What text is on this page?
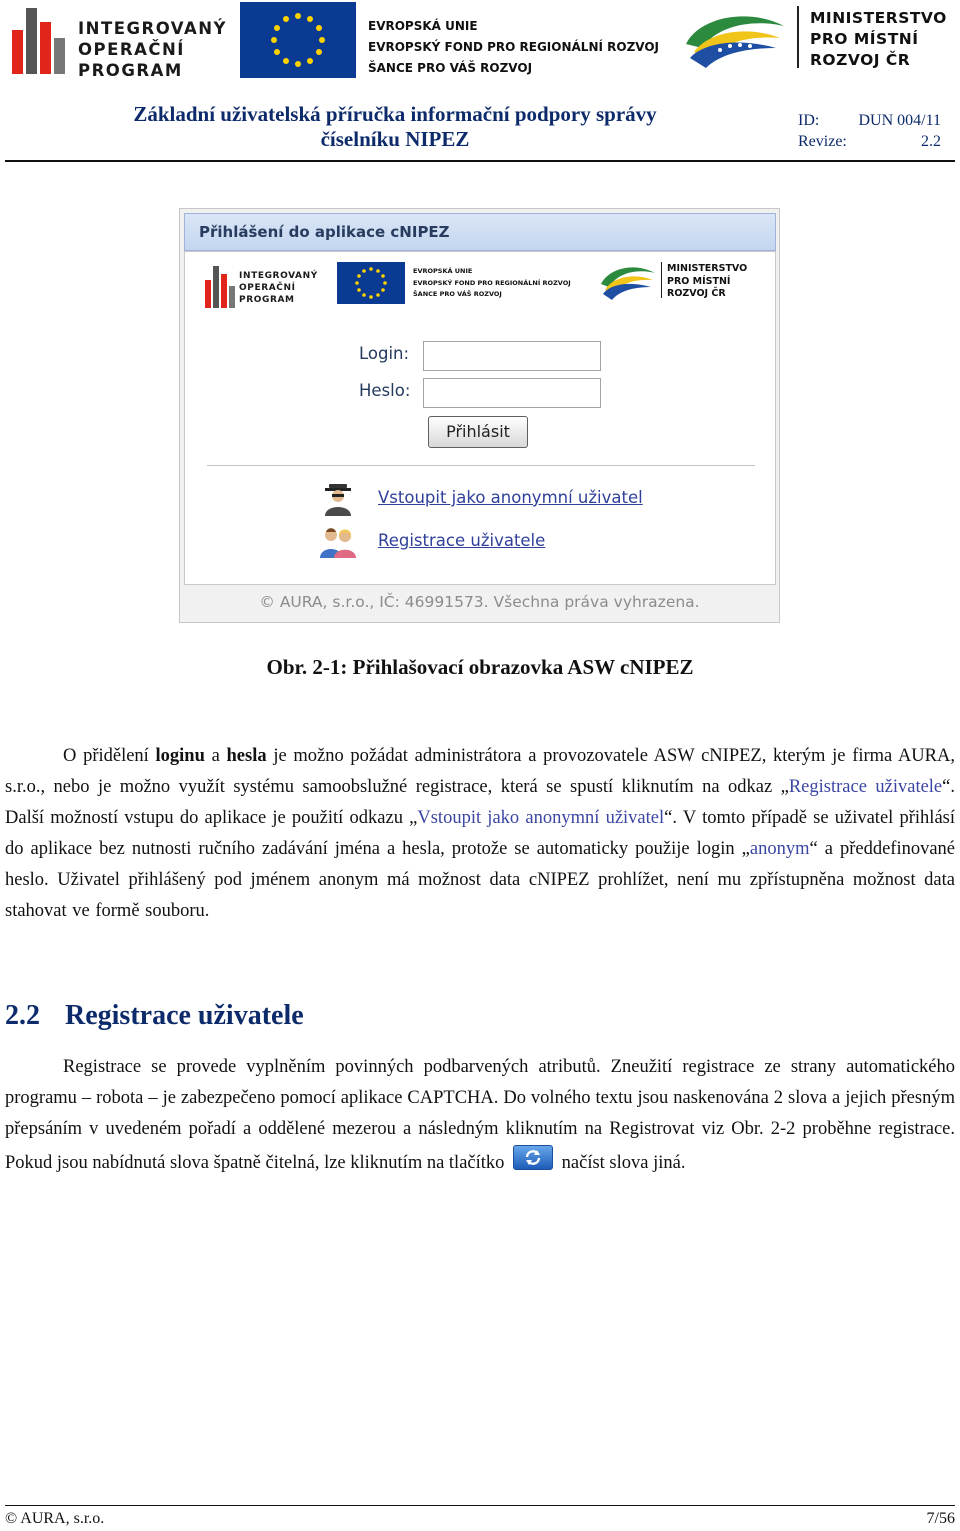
INTEGROVANÝ
OPERAČNÍ
PROGRAM
EVROPSKÁ UNIE
EVROPSKÝ FOND PRO REGIONÁLNÍ ROZVOJ
ŠANCE PRO VÁŠ ROZVOJ
MINISTERSTVO
PRO MÍSTNÍ
ROZVOJ ČR
Základní uživatelská příručka informační podpory správy
číselníku NIPEZ
ID:	DUN 004/11
Revize:	2.2
Přihlášení do aplikace cNIPEZ
INTEGROVANÝ
OPERAČNÍ
PROGRAM
EVROPSKÁ UNIE
EVROPSKÝ FOND PRO REGIONÁLNÍ ROZVOJ
ŠANCE PRO VÁŠ ROZVOJ
MINISTERSTVO
PRO MÍSTNÍ
ROZVOJ ČR
Login:
Heslo:
Přihlásit
Vstoupit jako anonymní uživatel
Registrace uživatele
© AURA, s.r.o., IČ: 46991573. Všechna práva vyhrazena.
Obr. 2-1: Přihlašovací obrazovka ASW cNIPEZ

O přidělení loginu a hesla je možno požádat administrátora a provozovatele ASW cNIPEZ, kterým je firma AURA, s.r.o., nebo je možno využít systému samoobslužné registrace, která se spustí kliknutím na odkaz „Registrace uživatele“. Další možností vstupu do aplikace je použití odkazu „Vstoupit jako anonymní uživatel“. V tomto případě se uživatel přihlásí do aplikace bez nutnosti ručního zadávání jména a hesla, protože se automaticky použije login „anonym“ a předdefinované heslo. Uživatel přihlášený pod jménem anonym má možnost data cNIPEZ prohlížet, není mu zpřístupněna možnost data stahovat ve formě souboru.

2.2 Registrace uživatele

Registrace se provede vyplněním povinných podbarvených atributů. Zneužití registrace ze strany automatického programu – robota – je zabezpečeno pomocí aplikace CAPTCHA. Do volného textu jsou naskenována 2 slova a jejich přesným přepsáním v uvedeném pořadí a oddělené mezerou a následným kliknutím na Registrovat viz Obr. 2-2 proběhne registrace. Pokud jsou nabídnutá slova špatně čitelná, lze kliknutím na tlačítko	načíst slova jiná.

© AURA, s.r.o.	7/56
